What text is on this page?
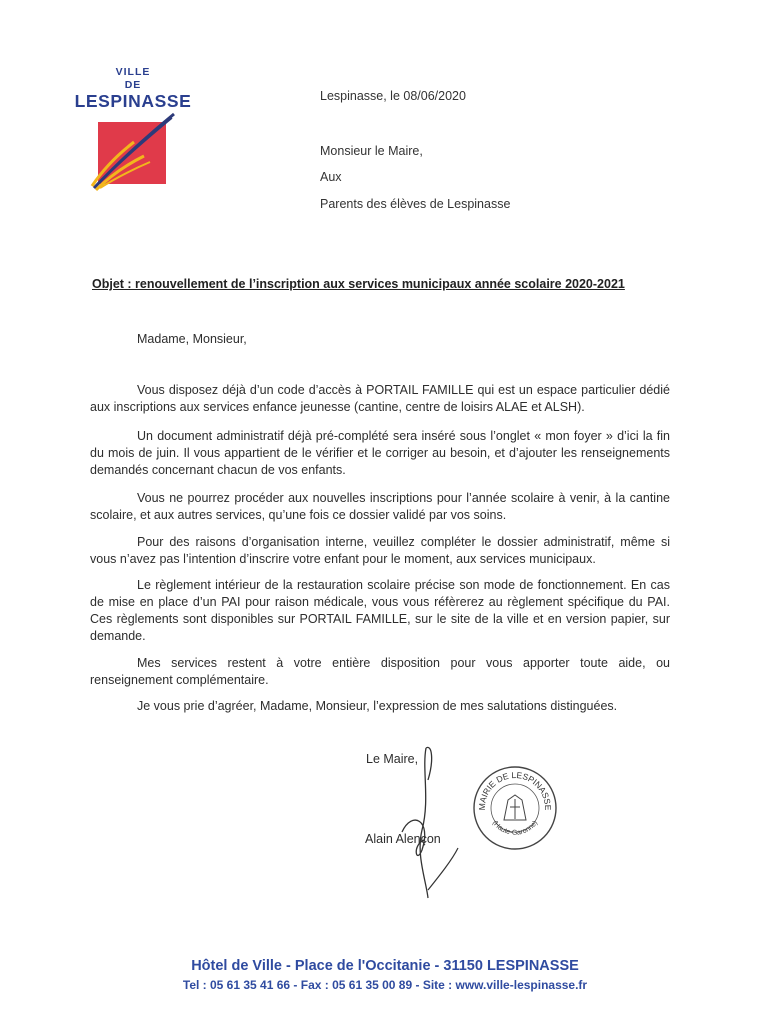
VILLE
DE
LESPINASSE	Lespinasse, le 08/06/2020
Monsieur le Maire,
Aux
Parents des élèves de Lespinasse
Objet : renouvellement de l’inscription aux services municipaux année scolaire 2020-2021
Madame, Monsieur,
Vous disposez déjà d’un code d’accès à PORTAIL FAMILLE qui est un espace particulier dédié aux inscriptions aux services enfance jeunesse (cantine, centre de loisirs ALAE et ALSH).
Un document administratif déjà pré-complété sera inséré sous l’onglet « mon foyer » d’ici la fin du mois de juin. Il vous appartient de le vérifier et le corriger au besoin, et d’ajouter les renseignements demandés concernant chacun de vos enfants.
Vous ne pourrez procéder aux nouvelles inscriptions pour l’année scolaire à venir, à la cantine scolaire, et aux autres services, qu’une fois ce dossier validé par vos soins.
Pour des raisons d’organisation interne, veuillez compléter le dossier administratif, même si vous n’avez pas l’intention d’inscrire votre enfant pour le moment, aux services municipaux.
Le règlement intérieur de la restauration scolaire précise son mode de fonctionnement. En cas de mise en place d’un PAI pour raison médicale, vous vous réfèrerez au règlement spécifique du PAI. Ces règlements sont disponibles sur PORTAIL FAMILLE, sur le site de la ville et en version papier, sur demande.
Mes services restent à votre entière disposition pour vous apporter toute aide, ou renseignement complémentaire.
Je vous prie d’agréer, Madame, Monsieur, l’expression de mes salutations distinguées.
Le Maire,
Alain Alençon
MAIRIE DE LESPINASSE
(Haute-Garonne)
Hôtel de Ville - Place de l'Occitanie - 31150 LESPINASSE
Tel : 05 61 35 41 66 - Fax : 05 61 35 00 89 - Site : www.ville-lespinasse.fr
